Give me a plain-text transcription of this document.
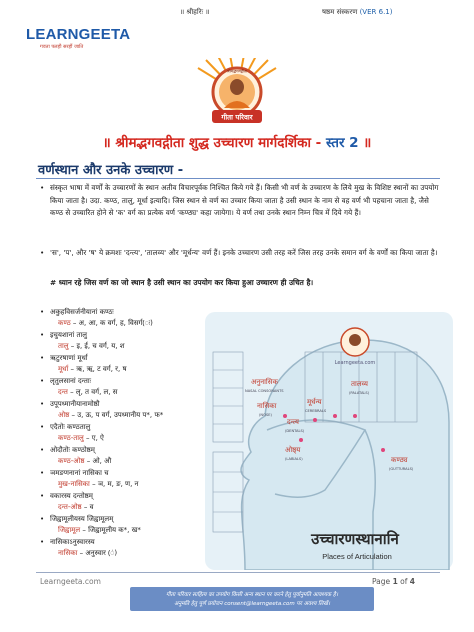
॥ श्रीहरिः ॥	षष्ठम संस्करण (VER 6.1)
LEARNGEETA
गवता पलहौ सरहौं जाति
गीता परिवार
श्रीमद्भगवद्गीता
॥ श्रीमद्भगवद्गीता शुद्ध उच्चारण मार्गदर्शिका - स्तर 2 ॥
वर्णस्थान और उनके उच्चारण -
• संस्कृत भाषा में वर्णों के उच्चारणों के स्थान अतीव विचारपूर्वक निश्चित किये गये हैं। किसी भी वर्ण के उच्चारण के लिये मुख के विशिष्ट स्थानों का उपयोग किया जाता है। उदा. कण्ठ, तालु, मूर्धा इत्यादि। जिस स्थान से वर्ण का उच्चार किया जाता है उसी स्थान के नाम से वह वर्ण भी पहचाना जाता है, जैसे कण्ठ से उच्चारित होने से 'क' वर्ग का प्रत्येक वर्ण 'कण्ठ्य' कहा जायेगा। ये वर्ण तथा उनके स्थान निम्न चित्र में दिये गये हैं।
• 'स', 'प', और 'ष' ये क्रमशः 'दन्त्य', 'तालव्य' और 'मूर्धन्य' वर्ण हैं। इनके उच्चारण उसी तरह करें जिस तरह उनके समान वर्ग के वर्णों का किया जाता है।
# ध्यान रहे जिस वर्ण का जो स्थान है उसी स्थान का उपयोग कर किया हुआ उच्चारण ही उचित है।
• अकुहविसर्जनीयानां कण्ठः
कण्ठ – अ, आ, क वर्ग, ह, विसर्ग(ः)
• इचुयशानां तालु
तालु – इ, ई, च वर्ग, य, श
• ऋटुरषाणां मूर्धा
मूर्धा – ऋ, ॠ, ट वर्ग, र, ष
• लृतुलसानां दन्ताः
दन्त – लृ, त वर्ग, ल, स
• उपूपध्मानीयानामोष्ठौ
ओष्ठ – उ, ऊ, प वर्ग, उपध्मानीय प*, फ*
• एदैतोः कण्ठतालु
कण्ठ-तालु – ए, ऐ
• ओदौतोः कण्ठोष्ठम्
कण्ठ-ओष्ठ – ओ, औ
• ञमङणनानां नासिका च
मुख-नासिका – ञ, म, ङ, ण, न
• वकारस्य दन्तोष्ठम्
दन्त-ओष्ठ – व
• जिह्वामूलीयस्य जिह्वामूलम्
जिह्वामूल – जिह्वामूलीय क*, ख*
• नासिकाऽनुस्वारस्य
नासिका – अनुस्वार (ं)
Learngeeta.com
अनुनासिक
NASAL CONSONANTS
नासिका
(NOSE)
मूर्धन्य
CEREBRALS
तालव्य
(PALATALS)
दन्त्य
(DENTALS)
ओष्ठ्य
(LABIALS)	कण्ठ्य
(GUTTURALS)
उच्चारणस्थानानि
Places of Articulation
Learngeeta.com	Page 1 of 4
गीता परिवार साहित्य का उपयोग किसी अन्य स्थान पर करने हेतु पूर्वानुमति आवश्यक है।
अनुमति हेतु पूर्ण प्रयोजन consent@learngeeta.com पर अवश्य लिखें।
